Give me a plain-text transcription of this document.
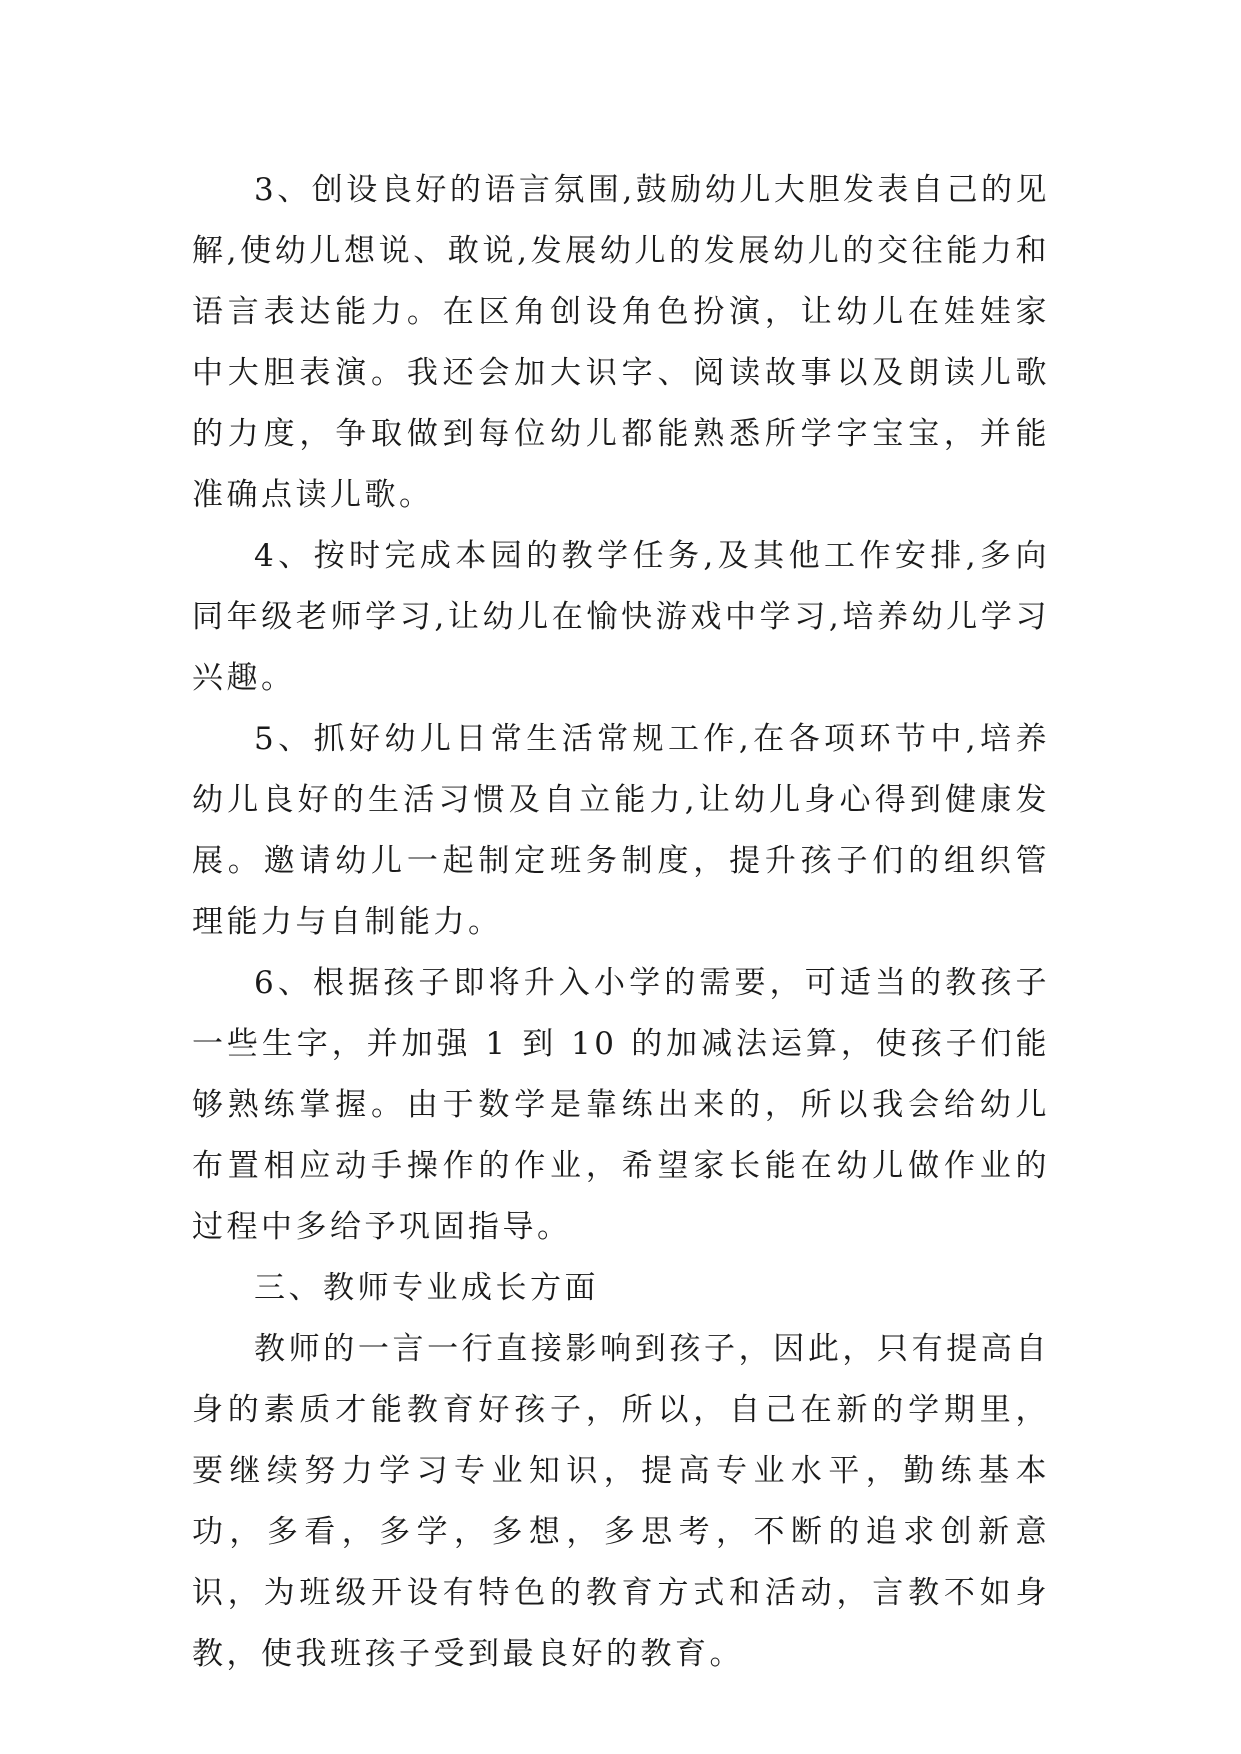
3、创设良好的语言氛围,鼓励幼儿大胆发表自己的见解,使幼儿想说、敢说,发展幼儿的发展幼儿的交往能力和语言表达能力。在区角创设角色扮演，让幼儿在娃娃家中大胆表演。我还会加大识字、阅读故事以及朗读儿歌的力度，争取做到每位幼儿都能熟悉所学字宝宝，并能准确点读儿歌。

4、按时完成本园的教学任务,及其他工作安排,多向同年级老师学习,让幼儿在愉快游戏中学习,培养幼儿学习兴趣。

5、抓好幼儿日常生活常规工作,在各项环节中,培养幼儿良好的生活习惯及自立能力,让幼儿身心得到健康发展。邀请幼儿一起制定班务制度，提升孩子们的组织管理能力与自制能力。

6、根据孩子即将升入小学的需要，可适当的教孩子一些生字，并加强 1 到 10 的加减法运算，使孩子们能够熟练掌握。由于数学是靠练出来的，所以我会给幼儿布置相应动手操作的作业，希望家长能在幼儿做作业的过程中多给予巩固指导。

三、教师专业成长方面

教师的一言一行直接影响到孩子，因此，只有提高自身的素质才能教育好孩子，所以，自己在新的学期里，要继续努力学习专业知识，提高专业水平，勤练基本功，多看，多学，多想，多思考，不断的追求创新意识，为班级开设有特色的教育方式和活动，言教不如身教，使我班孩子受到最良好的教育。
